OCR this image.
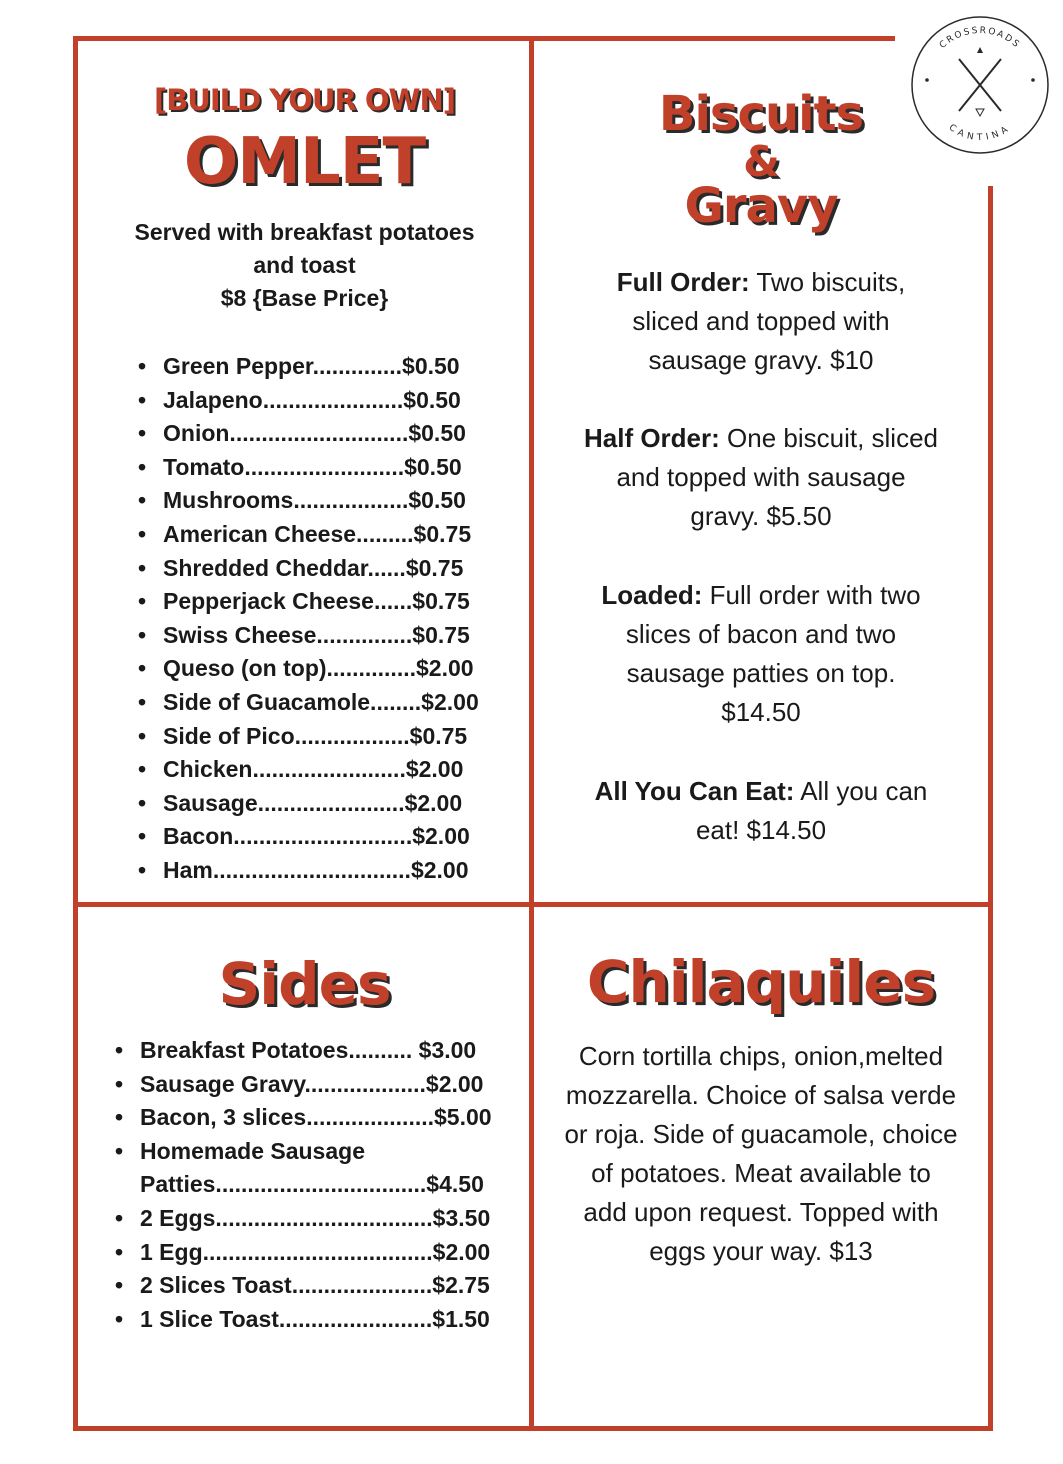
CROSSROADS
CANTINA
[BUILD YOUR OWN]
OMLET
Served with breakfast potatoes
and toast
$8 {Base Price}
• Green Pepper..............$0.50
• Jalapeno......................$0.50
• Onion............................$0.50
• Tomato.........................$0.50
• Mushrooms..................$0.50
• American Cheese.........$0.75
• Shredded Cheddar......$0.75
• Pepperjack Cheese......$0.75
• Swiss Cheese...............$0.75
• Queso (on top)..............$2.00
• Side of Guacamole........$2.00
• Side of Pico..................$0.75
• Chicken........................$2.00
• Sausage.......................$2.00
• Bacon............................$2.00
• Ham...............................$2.00
Biscuits
&
Gravy
Full Order: Two biscuits,
sliced and topped with
sausage gravy. $10
Half Order: One biscuit, sliced
and topped with sausage
gravy. $5.50
Loaded: Full order with two
slices of bacon and two
sausage patties on top.
$14.50
All You Can Eat: All you can
eat! $14.50
Sides
• Breakfast Potatoes.......... $3.00
• Sausage Gravy...................$2.00
• Bacon, 3 slices....................$5.00
• Homemade Sausage
Patties.................................$4.50
• 2 Eggs..................................$3.50
• 1 Egg....................................$2.00
• 2 Slices Toast......................$2.75
• 1 Slice Toast........................$1.50
Chilaquiles
Corn tortilla chips, onion,melted
mozzarella. Choice of salsa verde
or roja. Side of guacamole, choice
of potatoes. Meat available to
add upon request. Topped with
eggs your way. $13
